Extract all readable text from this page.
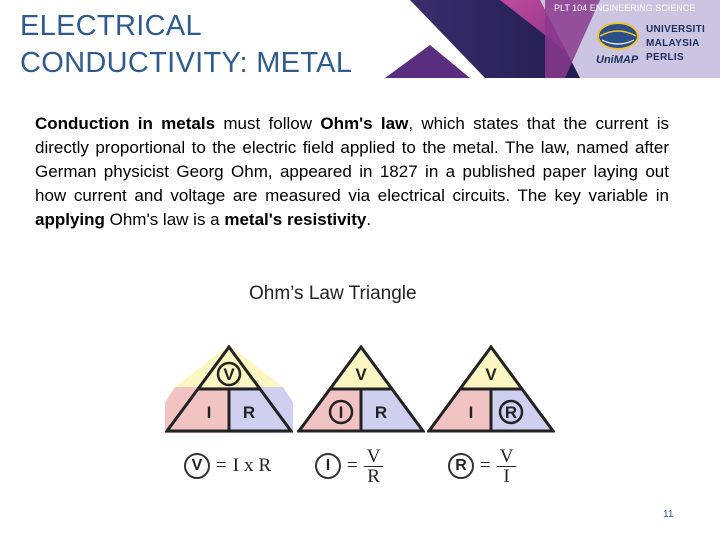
ELECTRICAL
CONDUCTIVITY: METAL
PLT 104 ENGINEERING SCIENCE
UNIVERSITI
MALAYSIA
PERLIS
UniMAP

Conduction in metals must follow Ohm's law, which states that the current is directly proportional to the electric field applied to the metal. The law, named after German physicist Georg Ohm, appeared in 1827 in a published paper laying out how current and voltage are measured via electrical circuits. The key variable in applying Ohm's law is a metal's resistivity.

Ohm’s Law Triangle
V
I R
V
I R
V
I R
V = I x R	$I = \frac{V}{R}$	$R = \frac{V}{I}$
11
